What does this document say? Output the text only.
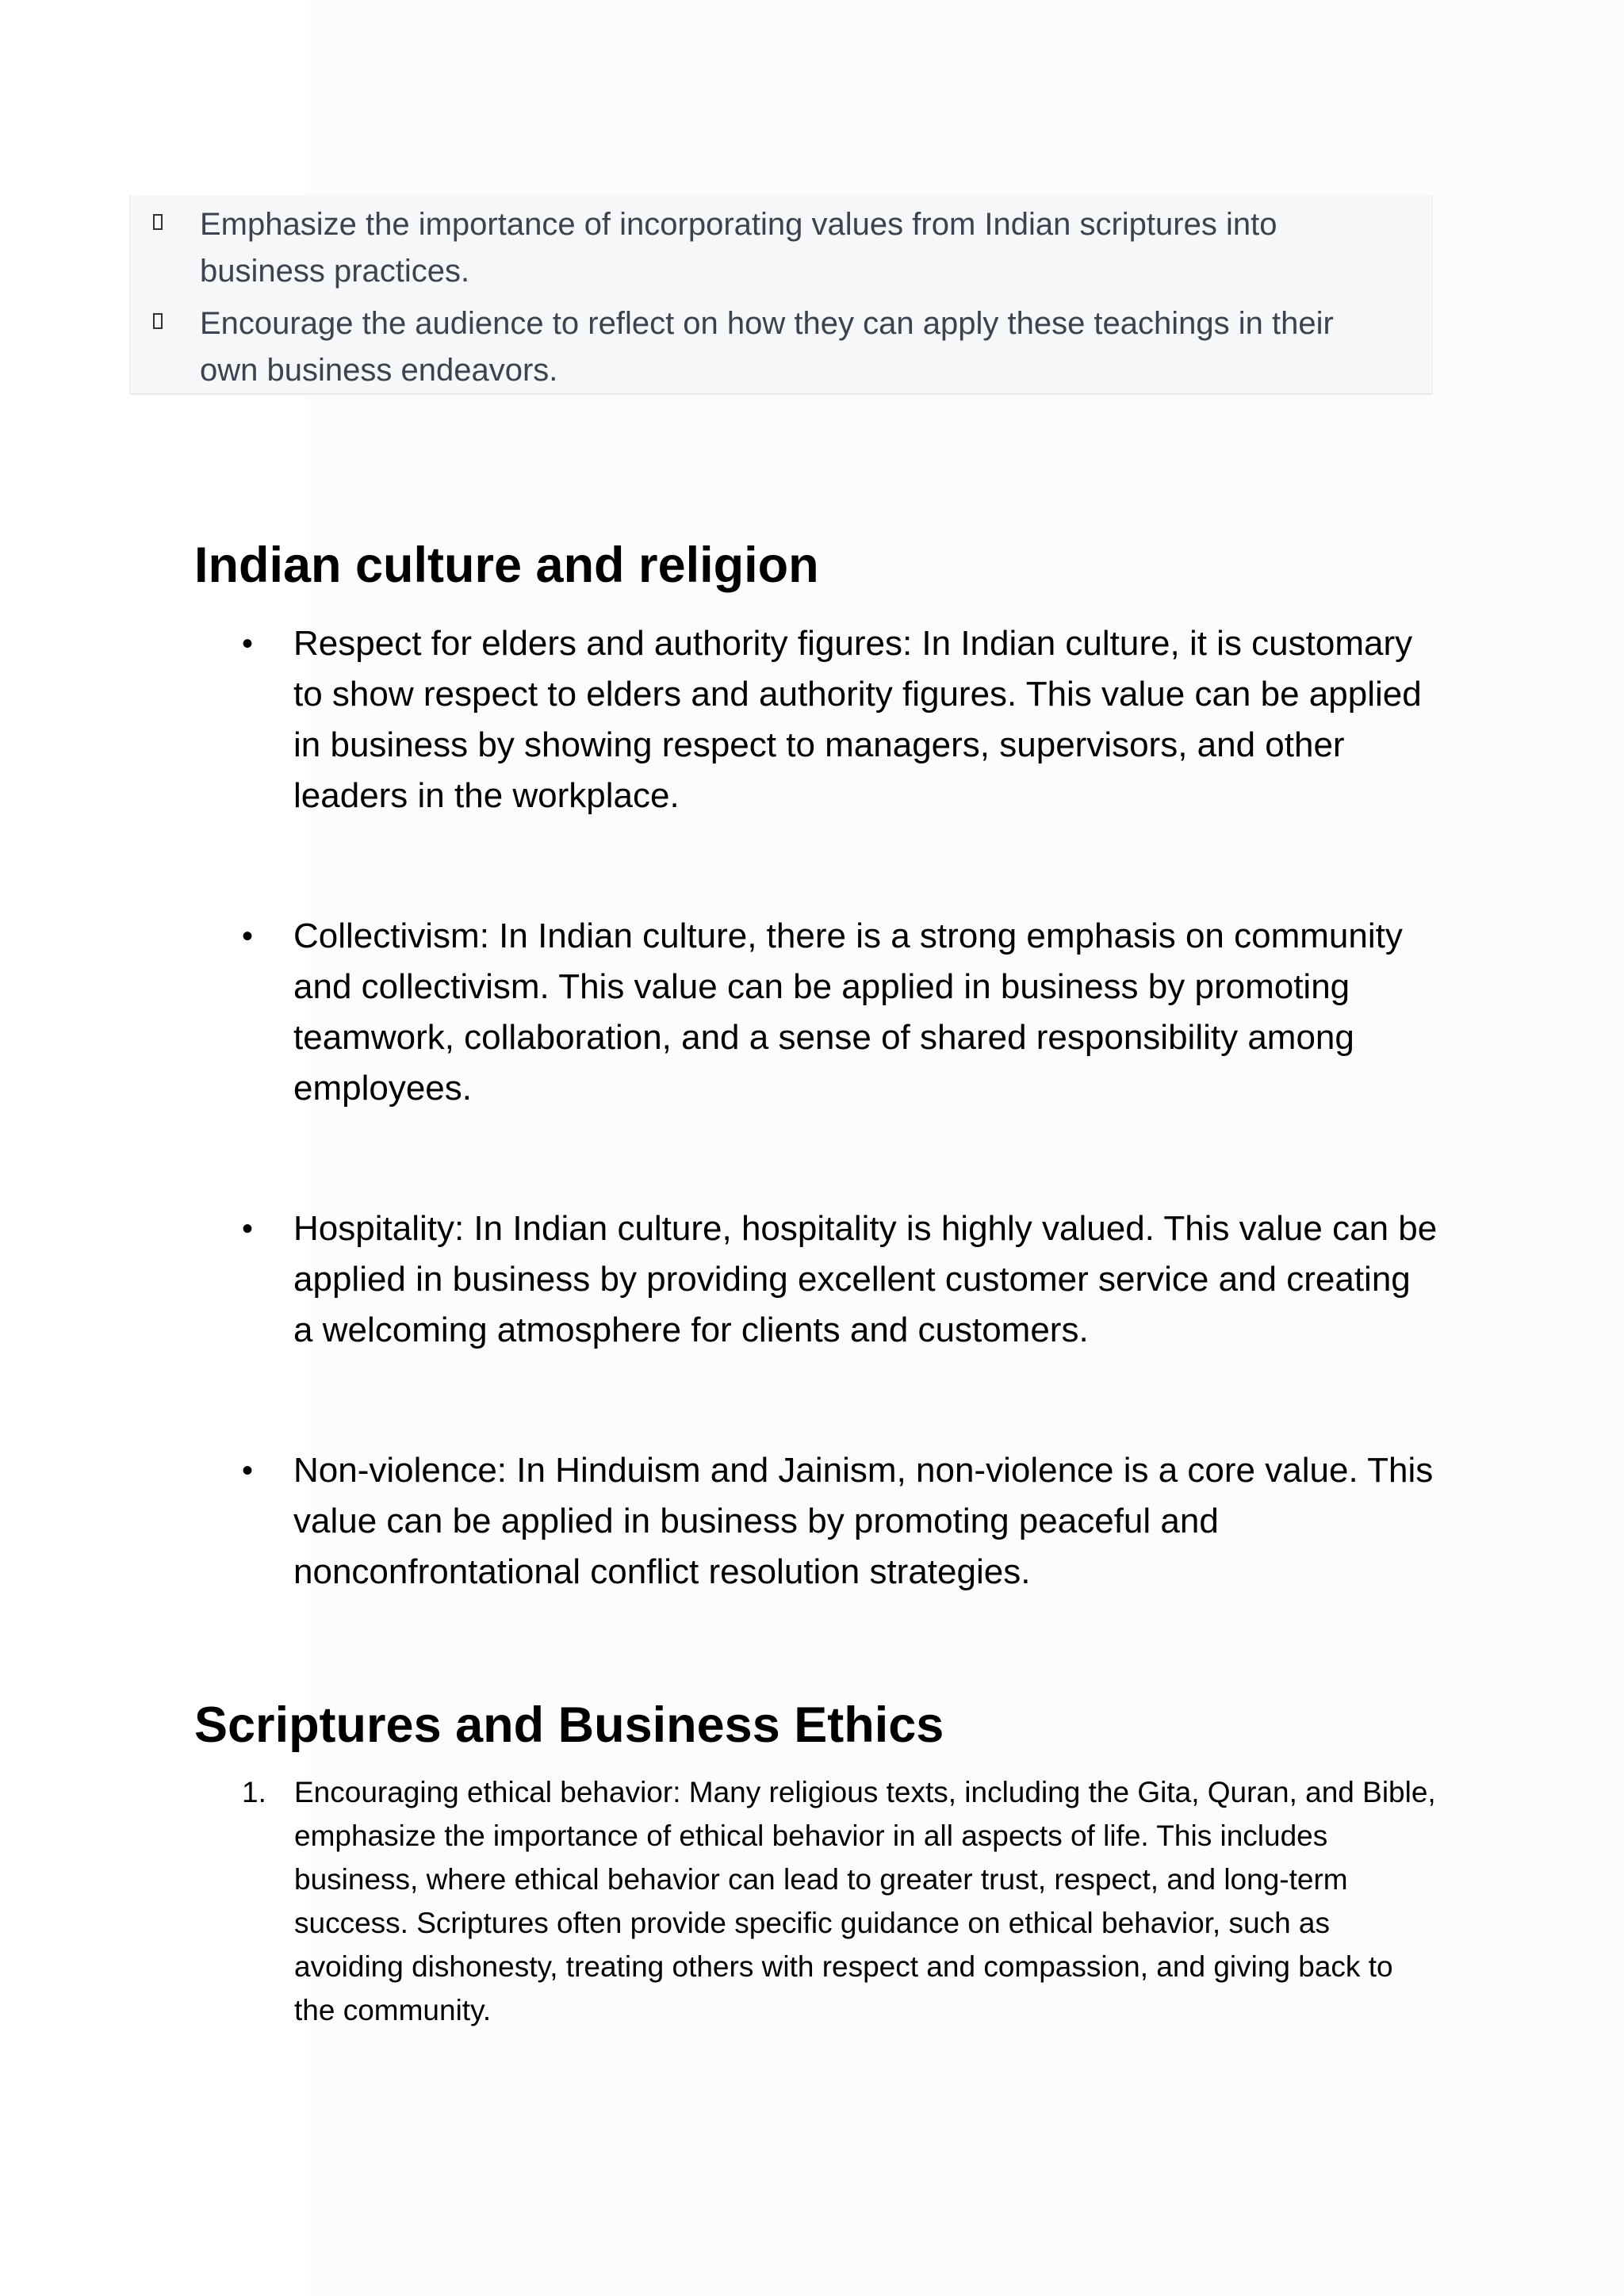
Emphasize the importance of incorporating values from Indian scriptures into business practices.
Encourage the audience to reflect on how they can apply these teachings in their own business endeavors.
Indian culture and religion
• Respect for elders and authority figures: In Indian culture, it is customary to show respect to elders and authority figures. This value can be applied in business by showing respect to managers, supervisors, and other leaders in the workplace.
• Collectivism: In Indian culture, there is a strong emphasis on community and collectivism. This value can be applied in business by promoting teamwork, collaboration, and a sense of shared responsibility among employees.
• Hospitality: In Indian culture, hospitality is highly valued. This value can be applied in business by providing excellent customer service and creating a welcoming atmosphere for clients and customers.
• Non-violence: In Hinduism and Jainism, non-violence is a core value. This value can be applied in business by promoting peaceful and nonconfrontational conflict resolution strategies.
Scriptures and Business Ethics
1. Encouraging ethical behavior: Many religious texts, including the Gita, Quran, and Bible, emphasize the importance of ethical behavior in all aspects of life. This includes business, where ethical behavior can lead to greater trust, respect, and long-term success. Scriptures often provide specific guidance on ethical behavior, such as avoiding dishonesty, treating others with respect and compassion, and giving back to the community.
